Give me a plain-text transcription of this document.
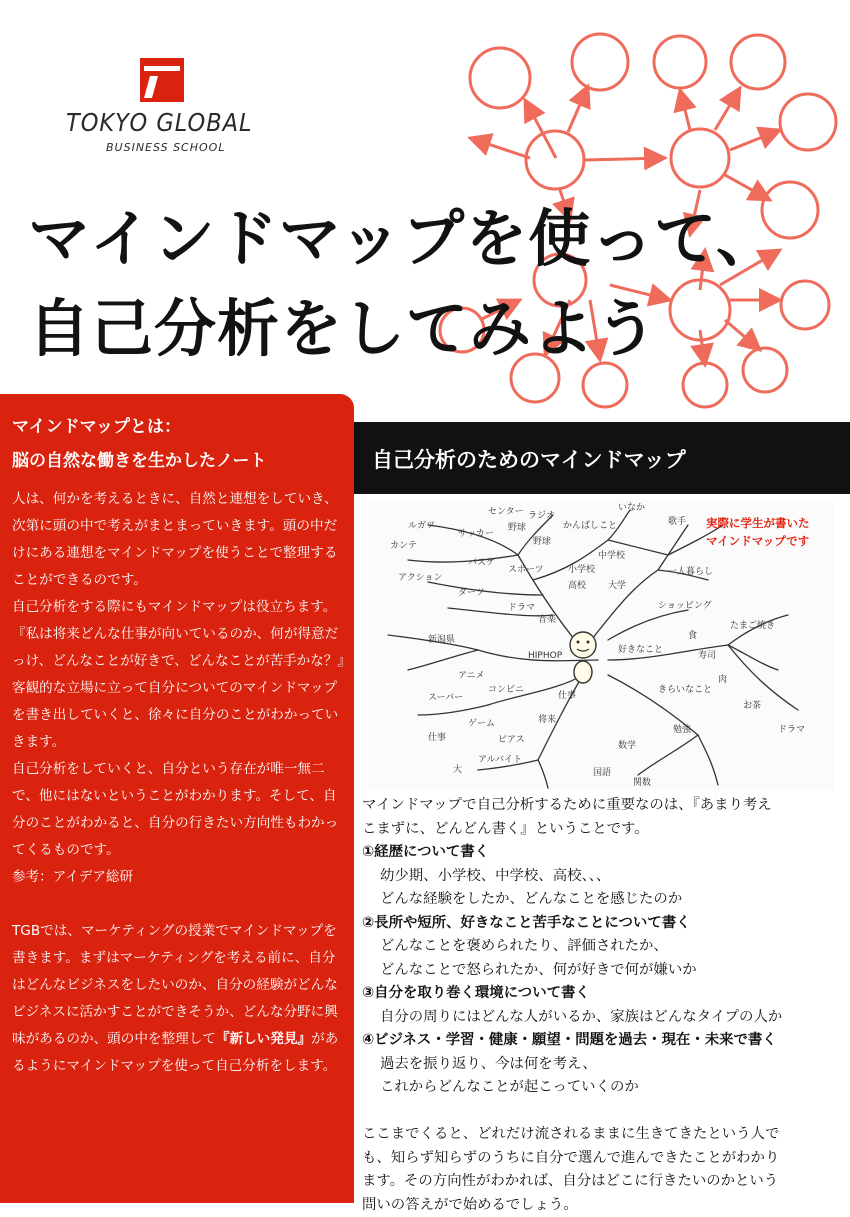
TOKYO GLOBAL
BUSINESS SCHOOL
マインドマップを使って、
自己分析をしてみよう
マインドマップとは：
脳の自然な働きを生かしたノート

人は、何かを考えるときに、自然と連想をしていき、次第に頭の中で考えがまとまっていきます。頭の中だけにある連想をマインドマップを使うことで整理することができるのです。

自己分析をする際にもマインドマップは役立ちます。

『私は将来どんな仕事が向いているのか、何が得意だっけ、どんなことが好きで、どんなことが苦手かな？』

客観的な立場に立って自分についてのマインドマップを書き出していくと、徐々に自分のことがわかっていきます。

自己分析をしていくと、自分という存在が唯一無二で、他にはないということがわかります。そして、自分のことがわかると、自分の行きたい方向性もわかってくるものです。

参考：アイデア総研

TGBでは、マーケティングの授業でマインドマップを書きます。まずはマーケティングを考える前に、自分はどんなビジネスをしたいのか、自分の経験がどんなビジネスに活かすことができそうか、どんな分野に興味があるのか、頭の中を整理して『新しい発見』があるようにマインドマップを使って自己分析をします。

自己分析のためのマインドマップ
センター ラジオ
いなか
歌手
ルガツ
サッカー
野球	かんばしこと
カンテ	野球
バスケ
スポーツ	小学校
中学校
高校 大学
一人暮らし
アクション
ダーツ
音楽
ショッピング
ドラマ
仕事
好きなこと
新潟県
アニメ
HIPHOP
将来
食
寿司
肉
お茶
きらいなこと
勉強
スーパー
ドラマ
数学
国語
関数
大
アルバイト
仕事	ピアス
ゲーム
コンビニ
たまご焼き
実際に学生が書いた
マインドマップです

マインドマップで自己分析するために重要なのは、『あまり考え

こまずに、どんどん書く』ということです。

①経歴について書く

幼少期、小学校、中学校、高校、、、

どんな経験をしたか、どんなことを感じたのか

②長所や短所、好きなこと苦手なことについて書く

どんなことを褒められたり、評価されたか、

どんなことで怒られたか、何が好きで何が嫌いか

③自分を取り巻く環境について書く

自分の周りにはどんな人がいるか、家族はどんなタイプの人か

④ビジネス・学習・健康・願望・問題を過去・現在・未来で書く

過去を振り返り、今は何を考え、

これからどんなことが起こっていくのか

ここまでくると、どれだけ流されるままに生きてきたという人で

も、知らず知らずのうちに自分で選んで進んできたことがわかり

ます。その方向性がわかれば、自分はどこに行きたいのかという

問いの答えがで始めるでしょう。
